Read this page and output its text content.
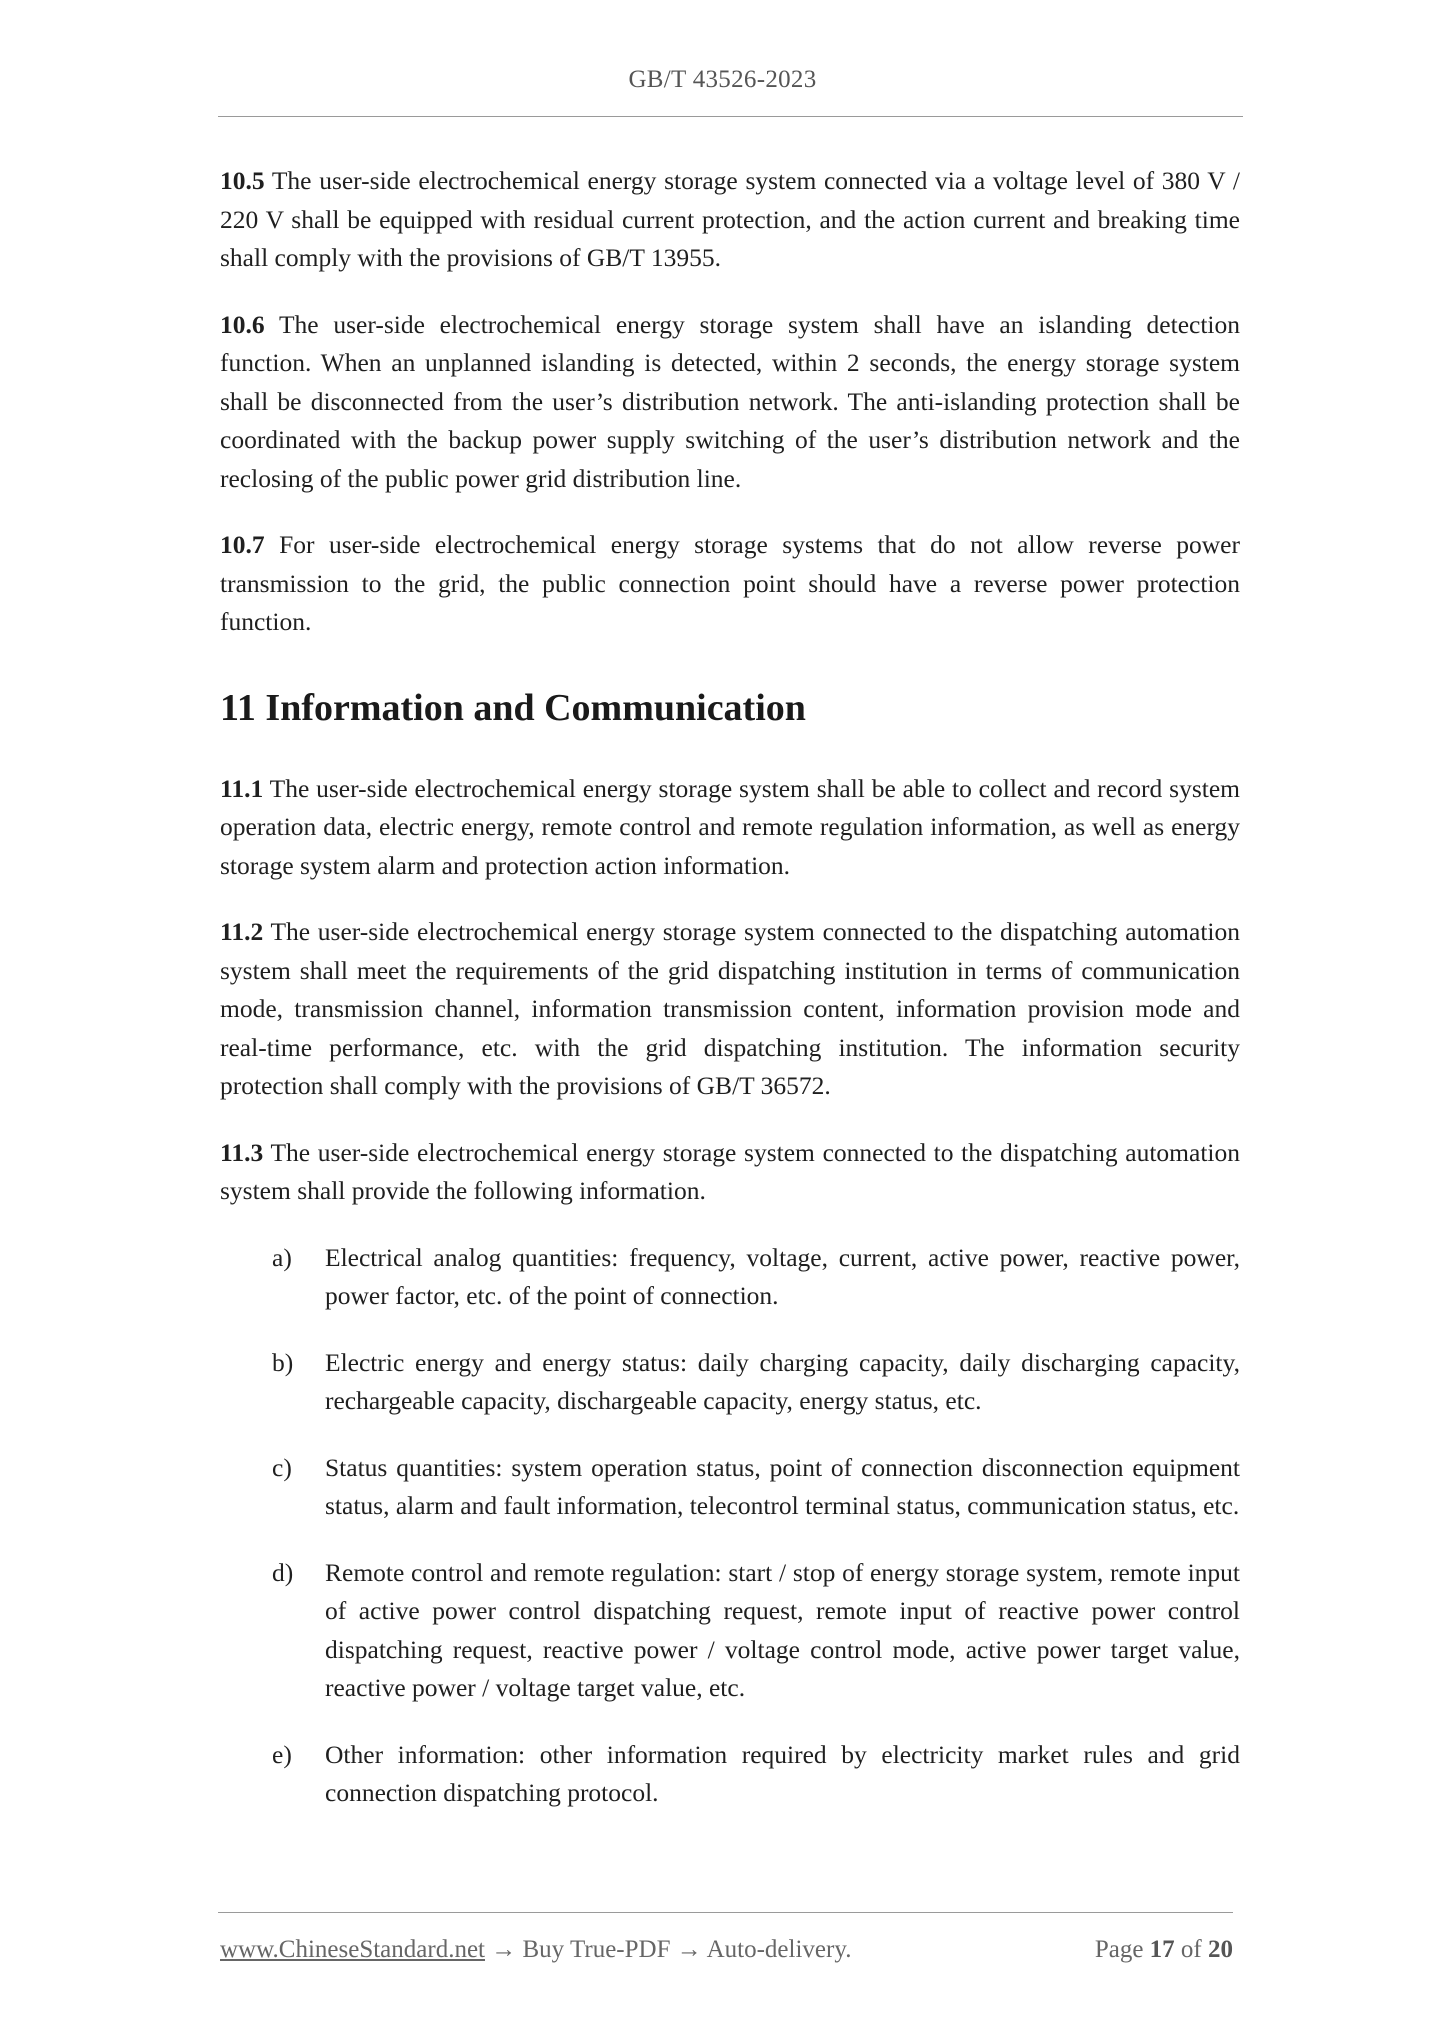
GB/T 43526-2023

10.5 The user-side electrochemical energy storage system connected via a voltage level of 380 V / 220 V shall be equipped with residual current protection, and the action current and breaking time shall comply with the provisions of GB/T 13955.

10.6 The user-side electrochemical energy storage system shall have an islanding detection function. When an unplanned islanding is detected, within 2 seconds, the energy storage system shall be disconnected from the user’s distribution network. The anti-islanding protection shall be coordinated with the backup power supply switching of the user’s distribution network and the reclosing of the public power grid distribution line.

10.7 For user-side electrochemical energy storage systems that do not allow reverse power transmission to the grid, the public connection point should have a reverse power protection function.

11 Information and Communication

11.1 The user-side electrochemical energy storage system shall be able to collect and record system operation data, electric energy, remote control and remote regulation information, as well as energy storage system alarm and protection action information.

11.2 The user-side electrochemical energy storage system connected to the dispatching automation system shall meet the requirements of the grid dispatching institution in terms of communication mode, transmission channel, information transmission content, information provision mode and real-time performance, etc. with the grid dispatching institution. The information security protection shall comply with the provisions of GB/T 36572.

11.3 The user-side electrochemical energy storage system connected to the dispatching automation system shall provide the following information.

a) Electrical analog quantities: frequency, voltage, current, active power, reactive power, power factor, etc. of the point of connection.
b) Electric energy and energy status: daily charging capacity, daily discharging capacity, rechargeable capacity, dischargeable capacity, energy status, etc.
c) Status quantities: system operation status, point of connection disconnection equipment status, alarm and fault information, telecontrol terminal status, communication status, etc.
d) Remote control and remote regulation: start / stop of energy storage system, remote input of active power control dispatching request, remote input of reactive power control dispatching request, reactive power / voltage control mode, active power target value, reactive power / voltage target value, etc.
e) Other information: other information required by electricity market rules and grid connection dispatching protocol.
www.ChineseStandard.net → Buy True-PDF → Auto-delivery.	Page 17 of 20
